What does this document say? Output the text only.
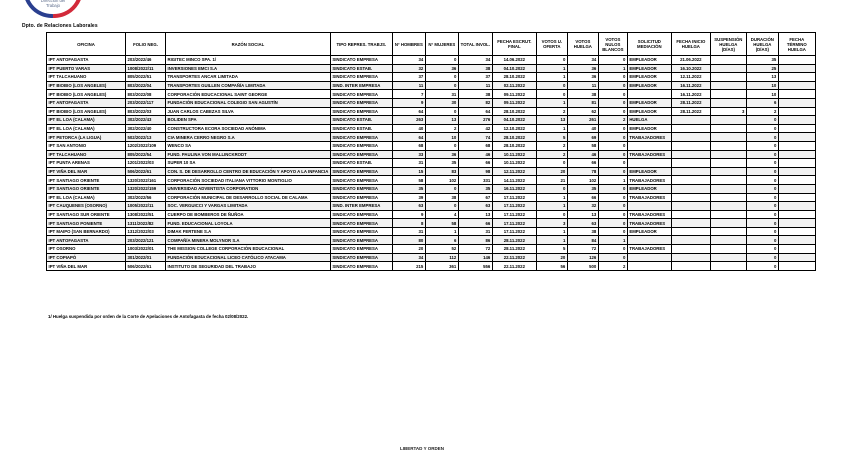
Dirección del
Trabajo
Dpto. de Relaciones Laborales
OFICINA	FOLIO NEG.	RAZÓN SOCIAL	TIPO REPRES. TRABJS.	N° HOMBRES	N° MUJERES	TOTAL INVOL.	FECHA ESCRUT. FINAL	VOTOS U. OFERTA	VOTOS HUELGA	VOTOS NULOS BLANCOS	SOLICITUD MEDIACIÓN	FECHA INICIO HUELGA	SUSPENSIÓN HUELGA (DÍAS)	DURACIÓN HUELGA (DÍAS)	FECHA TÉRMINO HUELGA
IPT ANTOFAGASTA	203/2022/46	RIGITEC MINCO SPA. 1/	SINDICATO EMPRESA	34	0	34	14.06.2022	0	34	0	EMPLEADOR	21.06.2022		35	
IPT PUERTO VARAS	1008/2022/11	INVERSIONES EMCI S.A	SINDICATO ESTAB.	32	36	38	04.10.2022	1	36	1	EMPLEADOR	16.10.2022		25	
IPT TALCAHUANO	805/2022/51	TRANSPORTES ANCAR LIMITADA	SINDICATO EMPRESA	37	0	37	28.10.2022	1	36	0	EMPLEADOR	12.11.2022		13	
IPT BIOBIO (LOS ANGELES)	803/2022/04	TRANSPORTES GUILLEN COMPAÑÍA LIMITADA	SIND. INTER EMPRESA	11	0	11	02.11.2022	0	11	0	EMPLEADOR	16.11.2022		10	
IPT BIOBIO (LOS ANGELES)	803/2022/08	CORPORACIÓN EDUCACIONAL SAINT GEORGE	SINDICATO EMPRESA	7	31	38	09.11.2022	0	38	0		16.11.2022		10	
IPT ANTOFAGASTA	203/2022/117	FUNDACIÓN EDUCACIONAL COLEGIO SAN AGUSTÍN	SINDICATO EMPRESA	9	30	82	09.11.2022	1	81	0	EMPLEADOR	28.11.2022		6	
IPT BIOBIO (LOS ANGELES)	803/2022/03	JUAN CARLOS CABEZAS SILVA	SINDICATO EMPRESA	64	0	64	28.10.2022	2	62	0	EMPLEADOR	28.11.2022	3	2	
IPT EL LOA (CALAMA)	302/2022/43	BOLIDEN SPA	SINDICATO ESTAB.	263	13	276	04.10.2022	13	261	2	HUELGA			0	
IPT EL LOA (CALAMA)	302/2022/40	CONSTRUCTORA ECORA SOCIEDAD ANÓNIMA	SINDICATO ESTAB.	40	2	42	12.10.2022	1	40	0	EMPLEADOR			0	
IPT PETORCA (LA LIGUA)	502/2022/13	CIA MINERA CERRO NEGRO S.A	SINDICATO EMPRESA	64	10	74	28.10.2022	5	69	0	TRABAJADORES			0	
IPT SAN ANTONIO	1202/2022/109	WENCO SA	SINDICATO EMPRESA	68	0	68	28.10.2022	2	58	0				0	
IPT TALCAHUANO	805/2022/54	FUND. PAULINA VON MALLINCKRODT	SINDICATO EMPRESA	33	36	46	10.11.2022	2	46	0	TRABAJADORES			0	
IPT PUNTA ARENAS	1201/2022/03	SUPER 10 SA	SINDICATO ESTAB.	31	35	66	10.11.2022	0	66	0				0	
IPT VIÑA DEL MAR	506/2022/61	CON. S. DE DESARROLLO CENTRO DE EDUCACIÓN Y APOYO A LA INFANCIA	SINDICATO EMPRESA	15	83	98	12.11.2022	20	78	0	EMPLEADOR			0	
IPT SANTIAGO ORIENTE	1320/2022/161	CORPORACIÓN SOCIEDAD ITALIANA VITTORIO MONTIGLIO	SINDICATO EMPRESA	58	102	331	14.11.2022	21	102	1	TRABAJADORES			0	
IPT SANTIAGO ORIENTE	1320/2022/159	UNIVERSIDAD ADVENTISTA CORPORATION	SINDICATO EMPRESA	35	0	35	16.11.2022	0	35	0	EMPLEADOR			0	
IPT EL LOA (CALAMA)	302/2022/56	CORPORACIÓN MUNICIPAL DE DESARROLLO SOCIAL DE CALAMA	SINDICATO EMPRESA	39	38	67	17.11.2022	1	66	0	TRABAJADORES			0	
IPT CAUQUENES (OSORNO)	1005/2022/11	SOC. VERGUICCI Y VARGAS LIMITADA	SIND. INTER EMPRESA	63	0	63	17.11.2022	1	32	0				0	
IPT SANTIAGO SUR ORIENTE	1308/2022/51	CUERPO DE BOMBEROS DE ÑUÑOA	SINDICATO EMPRESA	9	4	13	17.11.2022	0	13	0	TRABAJADORES			0	
IPT SANTIAGO PONIENTE	1311/2022/82	FUND. EDUCACIONAL LOYOLA	SINDICATO EMPRESA	8	58	66	17.11.2022	3	63	0	TRABAJADORES			0	
IPT MAIPO (SAN BERNARDO)	1312/2022/03	DIMAK FERTENE S.A	SINDICATO EMPRESA	31	1	31	17.11.2022	1	38	0	EMPLEADOR			0	
IPT ANTOFAGASTA	203/2022/121	COMPAÑÍA MINERA MOLYNOR S.A	SINDICATO EMPRESA	80	6	86	28.11.2022	1	84	1				0	
IPT OSORNO	1003/2022/01	THE MISSION COLLEGE CORPORACIÓN EDUCACIONAL	SINDICATO EMPRESA	20	52	72	28.11.2022	5	72	0	TRABAJADORES			0	
IPT COPIAPÓ	301/2022/01	FUNDACIÓN EDUCACIONAL LICEO CATÓLICO ATACAMA	SINDICATO EMPRESA	34	112	146	22.11.2022	20	126	0				0	
IPT VIÑA DEL MAR	506/2022/61	INSTITUTO DE SEGURIDAD DEL TRABAJO	SINDICATO EMPRESA	215	361	556	22.11.2022	56	500	2				0	
1/ Huelga suspendida por orden de la Corte de Apelaciones de Antofagasta de fecha 02/08/2022.
LIBERTAD Y ORDEN
